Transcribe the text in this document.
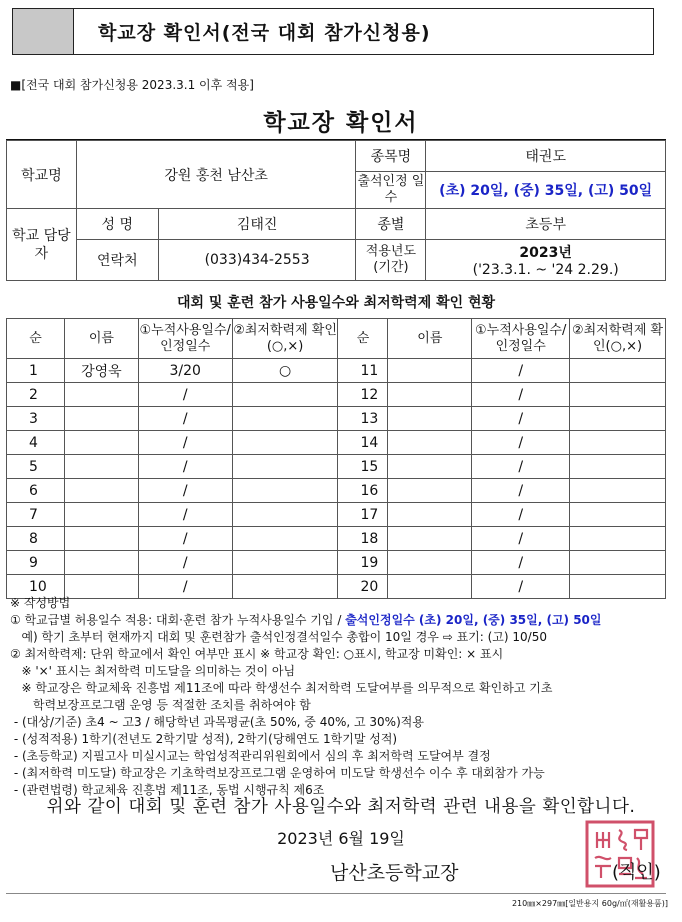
학교장 확인서(전국 대회 참가신청용)
■[전국 대회 참가신청용 2023.3.1 이후 적용]
학교장 확인서
학교명	강원 홍천 남산초		종목명	태권도
			출석인정 일수	(초) 20일, (중) 35일, (고) 50일
학교 담당자	성 명	김태진	종별	초등부
	연락처	(033)434-2553	적용년도 (기간)	2023년
('23.3.1. ~ '24 2.29.)
대회 및 훈련 참가 사용일수와 최저학력제 확인 현황
순	이름	①누적사용일수/인정일수	②최저학력제 확인(○,×)	순	이름	①누적사용일수/인정일수	②최저학력제 확인(○,×)
1	강영욱	3/20	○	11		/	
2		/		12		/	
3		/		13		/	
4		/		14		/	
5		/		15		/	
6		/		16		/	
7		/		17		/	
8		/		18		/	
9		/		19		/	
10		/		20		/	
※ 작성방법
① 학교급별 허용일수 적용: 대회·훈련 참가 누적사용일수 기입 / 출석인정일수 (초) 20일, (중) 35일, (고) 50일
예) 학기 초부터 현재까지 대회 및 훈련참가 출석인정결석일수 총합이 10일 경우 ⇨ 표기: (고) 10/50
② 최저학력제: 단위 학교에서 확인 여부만 표시 ※ 학교장 확인: ○표시, 학교장 미확인: × 표시
※ '×' 표시는 최저학력 미도달을 의미하는 것이 아님
※ 학교장은 학교체육 진흥법 제11조에 따라 학생선수 최저학력 도달여부를 의무적으로 확인하고 기초
학력보장프로그램 운영 등 적절한 조치를 취하여야 함
- (대상/기준) 초4 ~ 고3 / 해당학년 과목평균(초 50%, 중 40%, 고 30%)적용
- (성적적용) 1학기(전년도 2학기말 성적), 2학기(당해연도 1학기말 성적)
- (초등학교) 지필고사 미실시교는 학업성적관리위원회에서 심의 후 최저학력 도달여부 결정
- (최저학력 미도달) 학교장은 기초학력보장프로그램 운영하여 미도달 학생선수 이수 후 대회참가 가능
- (관련법령) 학교체육 진흥법 제11조, 동법 시행규칙 제6조
위와 같이 대회 및 훈련 참가 사용일수와 최저학력 관련 내용을 확인합니다.
2023년 6월 19일
남산초등학교장	(직인)
210㎜×297㎜[일반용지 60g/㎡(재활용품)]
